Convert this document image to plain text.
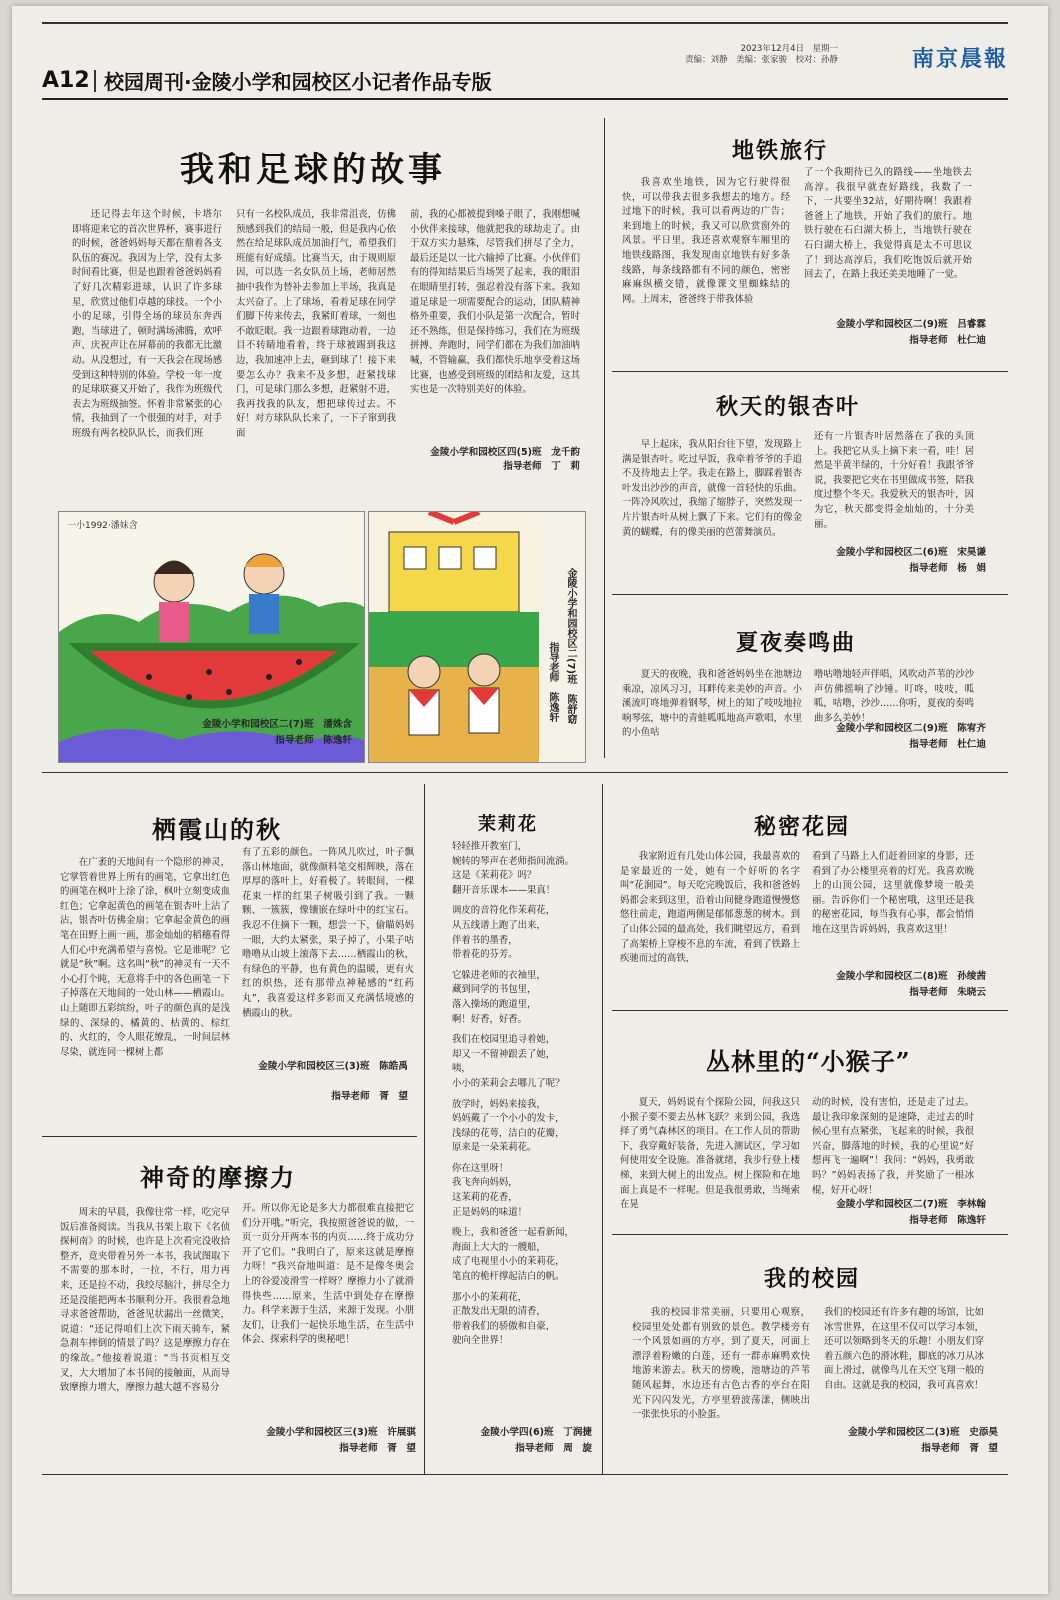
A12 校园周刊·金陵小学和园校区小记者作品专版
2023年12月4日　星期一
责编：刘静　美编：张家骏　校对：孙静	南京晨報
我和足球的故事
还记得去年这个时候，卡塔尔即将迎来它的首次世界杯，赛事进行的时候，爸爸妈妈每天都在鼎着各支队伍的赛况。我因为上学，没有太多时间看比赛，但是也跟着爸爸妈妈看了好几次精彩进球，认识了许多球星，欣赏过他们卓越的球技。一个小小的足球，引得全场的球员东奔西跑，当球进了，顿时满场沸腾，欢呼声、庆祝声让在屏幕前的我都无比激动。从没想过，有一天我会在现场感受到这种特别的体验。学校一年一度的足球联赛又开始了，我作为班级代表去为班级抽签。怀着非常紧张的心情，我抽到了一个很强的对手，对手班级有两名校队队长，而我们班
只有一名校队成员，我非常沮丧，仿佛预感到我们的结局一般，但是我内心依然在给足球队成员加油打气，希望我们班能有好成绩。比赛当天，由于规则原因，可以选一名女队员上场，老师居然抽中我作为替补去参加上半场，我真是太兴奋了。上了球场，看着足球在同学们脚下传来传去，我紧盯着球，一刻也不敢眨眼。我一边跟着球跑动着，一边目不转睛地看着，终于球被踢到我这边，我加速冲上去，砸到球了！接下来要怎么办？我来不及多想，赶紧找球门，可是球门那么多想，赶紧射不进，我再找我的队友，想把球传过去。不好！对方球队队长来了，一下子窜到我面
前，我的心都被提到嗓子眼了，我刚想喊小伙伴来接球，他就把我的球劫走了。由于双方实力悬殊，尽管我们拼尽了全力，最后还是以一比六输掉了比赛。小伙伴们有的得知结果后当场哭了起来，我的眼泪在眼睛里打转，强忍着没有落下来。我知道足球是一项需要配合的运动，团队精神格外重要，我们小队是第一次配合，暂时还不熟练，但是保持练习，我们在为班级拼搏、奔跑时，同学们都在为我们加油呐喊，不管输赢，我们都快乐地享受着这场比赛，也感受到班级的团结和友爱，这其实也是一次特别美好的体验。
金陵小学和园校区四(5)班　龙千韵
指导老师　丁　莉
一小1992·潘妹含
金陵小学和园校区二(7)班　潘姝含
指导老师　陈逸轩
金陵小学和园校区二(7)班　陈舒窈
指导老师　陈逸轩
地铁旅行
我喜欢坐地铁，因为它行驶得很快，可以带我去很多我想去的地方。经过地下的时候，我可以看两边的广告；来到地上的时候，我又可以欣赏窗外的风景。平日里，我还喜欢观察车厢里的地铁线路图，我发现南京地铁有好多条线路，每条线路都有不同的颜色，密密麻麻纵横交错，就像课文里蜘蛛结的网。上周末，爸爸终于带我体验
了一个我期待已久的路线——坐地铁去高淳。我很早就查好路线，我数了一下，一共要坐32站，好期待啊！我跟着爸爸上了地铁，开始了我们的旅行。地铁行驶在石臼湖大桥上，当地铁行驶在石臼湖大桥上，我觉得真是太不可思议了！到达高淳后，我们吃饱饭后就开始回去了，在路上我还美美地睡了一觉。
金陵小学和园校区二(9)班　吕睿霖
指导老师　杜仁迪
秋天的银杏叶
早上起床，我从阳台往下望，发现路上满是银杏叶。吃过早饭，我牵着爷爷的手追不及待地去上学。我走在路上，脚踩着银杏叶发出沙沙的声音，就像一首轻快的乐曲。一阵冷风吹过，我缩了缩脖子，突然发现一片片银杏叶从树上飘了下来。它们有的像金黄的蝴蝶，有的像美丽的芭蕾舞演员。
还有一片银杏叶居然落在了我的头顶上。我把它从头上摘下来一看，哇！居然是半黄半绿的，十分好看！我跟爷爷说，我要把它夹在书里做成书签，陪我度过整个冬天。我爱秋天的银杏叶，因为它，秋天都变得金灿灿的，十分美丽。
金陵小学和园校区二(6)班　宋昊谦
指导老师　杨　娟
夏夜奏鸣曲
夏天的夜晚，我和爸爸妈妈坐在池塘边乘凉，凉风习习，耳畔传来美妙的声音。小溪流叮咚地弹着钢琴，树上的知了吱吱地拉响琴弦，塘中的青蛙呱呱地高声歌唱，水里的小鱼咕
噜咕噜地轻声伴唱，风吹动芦苇的沙沙声仿佛摇响了沙锤。叮咚，吱吱，呱呱，咕噜，沙沙……你听，夏夜的奏鸣曲多么美妙！
金陵小学和园校区二(9)班　陈宥齐
指导老师　杜仁迪
栖霞山的秋
在广袤的天地间有一个隐形的神灵，它掌管着世界上所有的画笔，它拿出红色的画笔在枫叶上涂了涂，枫叶立刻变成血红色；它拿起黄色的画笔在银杏叶上沾了沾，银杏叶仿佛金扇；它拿起金黄色的画笔在田野上画一画，那金灿灿的稻穗看得人们心中充满希望与喜悦。它是谁呢？它就是“秋”啊。这名叫“秋”的神灵有一天不小心打个盹，无意将手中的各色画笔一下子掉落在天地间的一处山林——栖霞山。山上随即五彩缤纷，叶子的颜色真的是浅绿的、深绿的、橘黄的、枯黄的、棕红的、火红的，令人眼花缭乱，一时间层林尽染，就连同一棵树上都
有了五彩的颜色。一阵风儿吹过，叶子飘落山林地面，就像颜料笔交相辉映，落在厚厚的落叶上，好看极了。转眼间，一棵花束一样的红果子树吸引到了我。一颗颗、一簇簇，像镶嵌在绿叶中的红宝石。我忍不住摘下一颗，想尝一下，偷瞄妈妈一眼，大约太紧张，果子掉了，小果子咕噜噜从山坡上滚落下去……栖霞山的秋，有绿色的平静，也有黄色的温暖，更有火红的炽热，还有那带点神秘感的“红药丸”，我喜爱这样多彩而又充满恬境感的栖霞山的秋。
金陵小学和园校区三(3)班　陈皓禹
指导老师　胥　望
神奇的摩擦力
周末的早晨，我像往常一样，吃完早饭后准备阅读。当我从书架上取下《名侦探柯南》的时候，也许是上次看完没收拾整齐，竟夹带着另外一本书，我试图取下不需要的那本时，一拉，不行，用力再来，还是拉不动，我绞尽脑汁，拼尽全力还是没能把两本书顺利分开。我很着急地寻求爸爸帮助，爸爸见状漏出一丝微笑，说道：“还记得咱们上次下雨天骑车，紧急刹车摔倒的情景了吗？这是摩擦力存在的缘故。”他接着说道：“当书页相互交叉，大大增加了本书间的接触面，从而导致摩擦力增大，摩擦力越大越不容易分
开。所以你无论是多大力都很难直接把它们分开哦。”听完，我按照爸爸说的做，一页一页分开两本书的内页……终于成功分开了它们。“我明白了，原来这就是摩擦力呀！”我兴奋地叫道：是不是像冬奥会上的谷爱凌滑雪一样呀？摩擦力小了就滑得快些……原来，生活中到处存在摩擦力。科学来源于生活，来源于发现。小朋友们，让我们一起快乐地生活，在生活中体会、探索科学的奥秘吧！
金陵小学和园校区三(3)班　许展骐
指导老师　胥　望
茉莉花
轻轻推开教室门，
婉转的琴声在老师指间流淌。
这是《茉莉花》吗？
翻开音乐课本——果真！
调皮的音符化作茉莉花，
从五线谱上跑了出来，
伴着书的墨香，
带着花的芬芳。
它躲进老师的衣袖里，
藏到同学的书包里，
落入操场的跑道里，
啊！好香，好香。
我们在校园里追寻着她，
却又一不留神跟丢了她，
咦，
小小的茉莉会去哪儿了呢？
放学时，妈妈来接我，
妈妈戴了一个小小的发卡，
浅绿的花萼，洁白的花瓣，
原来是一朵茉莉花。
你在这里呀！
我飞奔向妈妈，
这茉莉的花香，
正是妈妈的味道！
晚上，我和爸爸一起看新闻，
海面上大大的一艘船，
成了电视里小小的茉莉花，
笔直的桅杆撑起洁白的帆。
那小小的茉莉花，
正散发出无限的清香，
带着我们的骄傲和自豪，
驶向全世界！
金陵小学四(6)班　丁润捷
指导老师　周　旋
秘密花园
我家附近有几处山体公园，我最喜欢的是家最近的一处，她有一个好听的名字叫“花涧园”。每天吃完晚饭后，我和爸爸妈妈都会来到这里，沿着山间健身跑道慢慢悠悠往前走，跑道两侧是郁郁葱葱的树木。到了山体公园的最高处，我们眺望远方，看到了高架桥上穿梭不息的车流，看到了铁路上疾驰而过的高铁，
看到了马路上人们赶着回家的身影，还看到了办公楼里亮着的灯光。我喜欢晚上的山顶公园，这里就像梦境一般美丽。告诉你们一个秘密哦，这里还是我的秘密花园，每当我有心事，都会悄悄地在这里告诉妈妈，我喜欢这里！
金陵小学和园校区二(8)班　孙绫茜
指导老师　朱晓云
丛林里的“小猴子”
夏天，妈妈说有个探险公园，问我这只小猴子要不要去丛林飞跃？来到公园，我选择了勇气森林区的项目。在工作人员的帮助下，我穿戴好装备，先进入测试区，学习如何使用安全设施。准备就绪，我步行登上楼梯，来到大树上的出发点。树上探险和在地面上真是不一样呢。但是我很勇敢，当绳索在晃
动的时候，没有害怕，还是走了过去。最让我印象深刻的是速降，走过去的时候心里有点紧张，飞起来的时候，我很兴奋，脚落地的时候，我的心里说“好想再飞一遍啊”！我问：“妈妈，我勇敢吗？”妈妈表扬了我，并奖励了一根冰棍，好开心呀！
金陵小学和园校区二(7)班　李林翰
指导老师　陈逸轩
我的校园
我的校园非常美丽，只要用心观察，校园里处处都有别致的景色。教学楼旁有一个风景如画的方亭，到了夏天，河面上漂浮着粉嫩的白莲，还有一群赤麻鸭欢快地游来游去。秋天的傍晚，池塘边的芦苇随风起舞，水边还有古色古香的亭台在阳光下闪闪发光，方亭里碧波荡漾，侧映出一张张快乐的小脸蛋。
我们的校园还有许多有趣的场馆，比如冰雪世界，在这里不仅可以学习本领，还可以领略到冬天的乐趣！小朋友们穿着五颜六色的滑冰鞋，脚底的冰刀从冰面上滑过，就像鸟儿在天空飞翔一般的自由。这就是我的校园，我可真喜欢！
金陵小学和园校区二(3)班　史添昊
指导老师　胥　望
